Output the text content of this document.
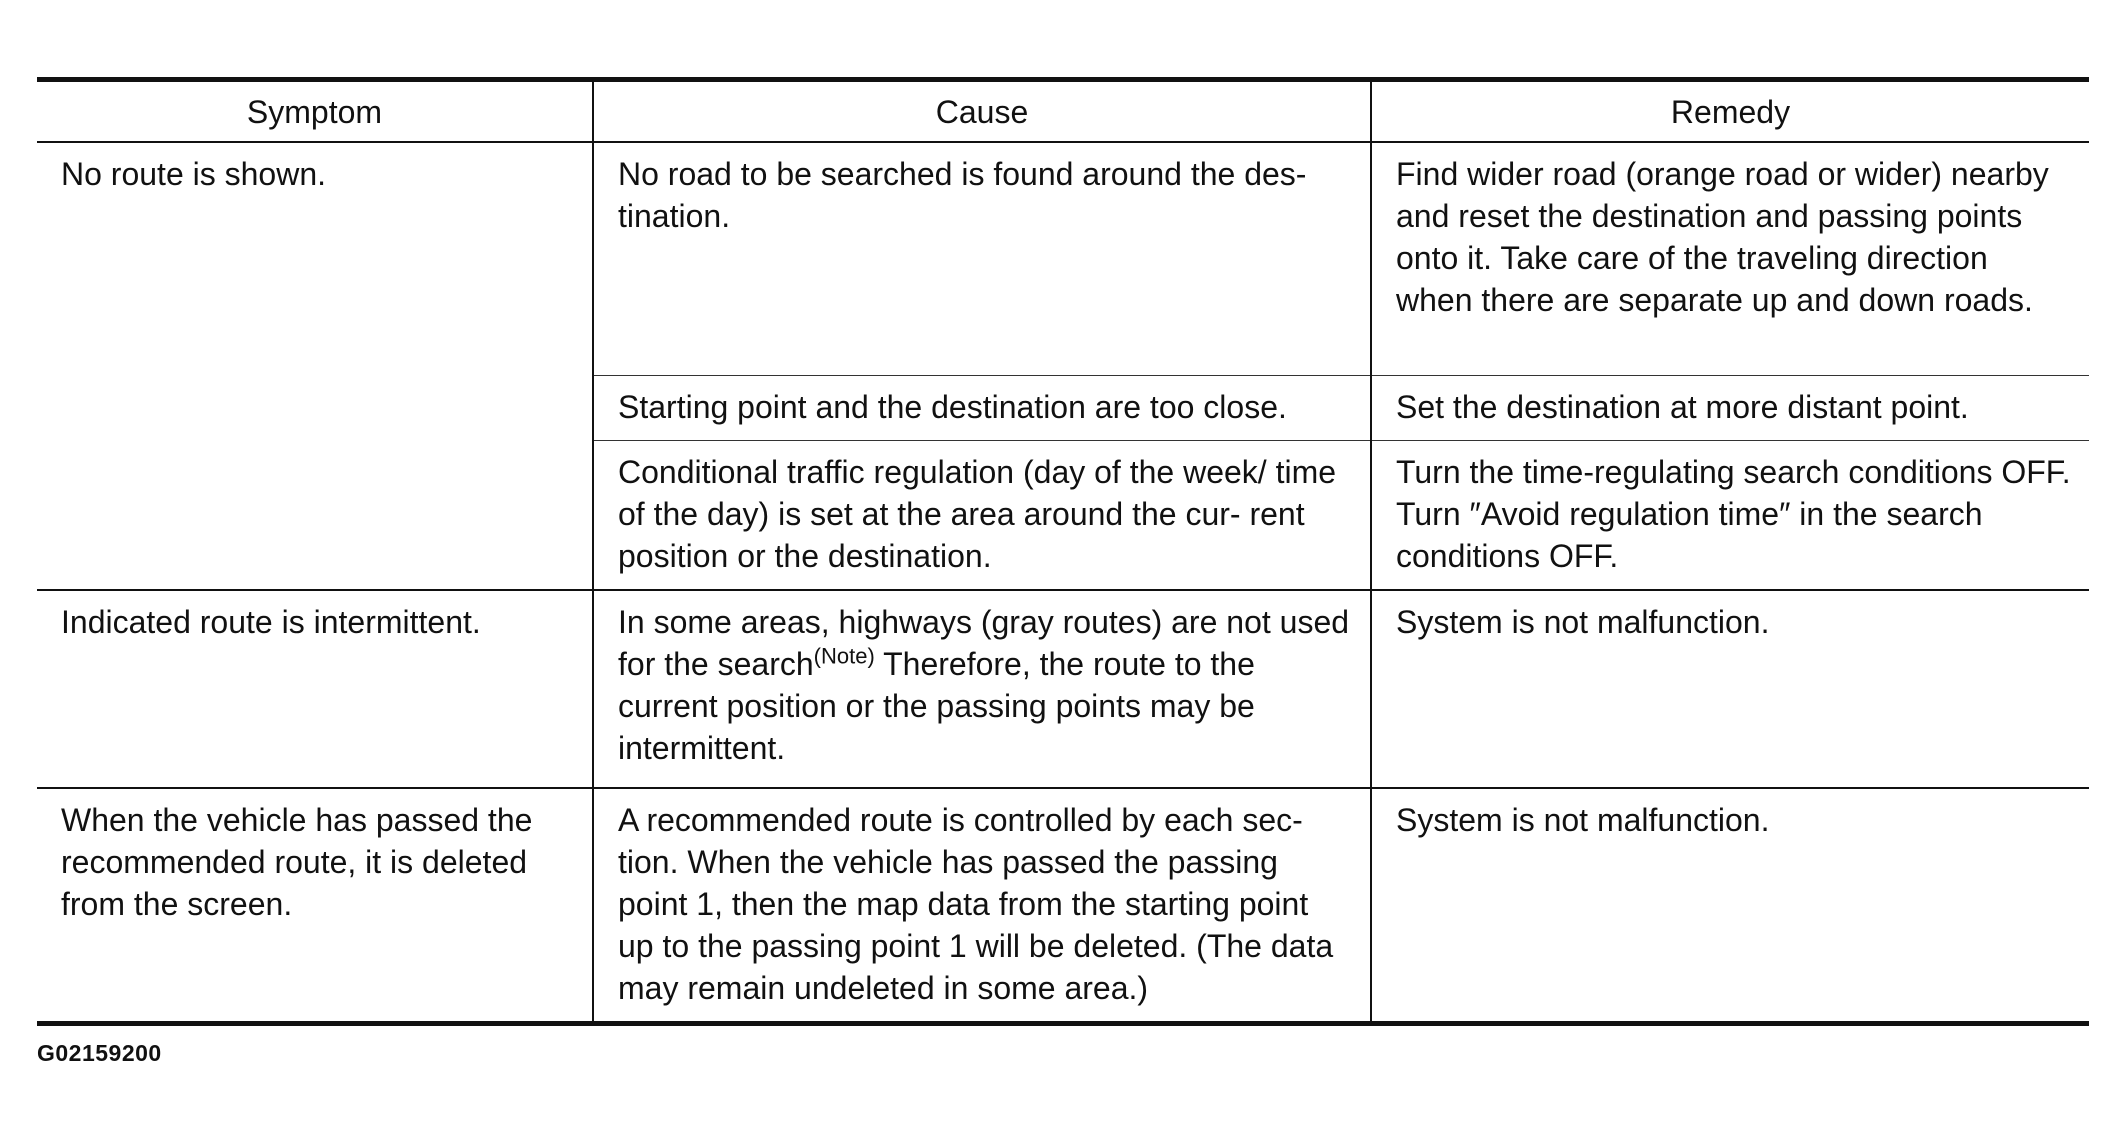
Symptom	Cause	Remedy
No route is shown.	No road to be searched is found around the des- tination.	Find wider road (orange road or wider) nearby and reset the destination and passing points onto it. Take care of the traveling direction when there are separate up and down roads.
	Starting point and the destination are too close.	Set the destination at more distant point.
	Conditional traffic regulation (day of the week/ time of the day) is set at the area around the cur- rent position or the destination.	Turn the time-regulating search conditions OFF. Turn ″Avoid regulation time″ in the search conditions OFF.
Indicated route is intermittent.	In some areas, highways (gray routes) are not used for the search$^{(Note)}$ Therefore, the route to the current position or the passing points may be intermittent.	System is not malfunction.
When the vehicle has passed the recommended route, it is deleted from the screen.	A recommended route is controlled by each sec- tion. When the vehicle has passed the passing point 1, then the map data from the starting point up to the passing point 1 will be deleted. (The data may remain undeleted in some area.)	System is not malfunction.
G02159200
